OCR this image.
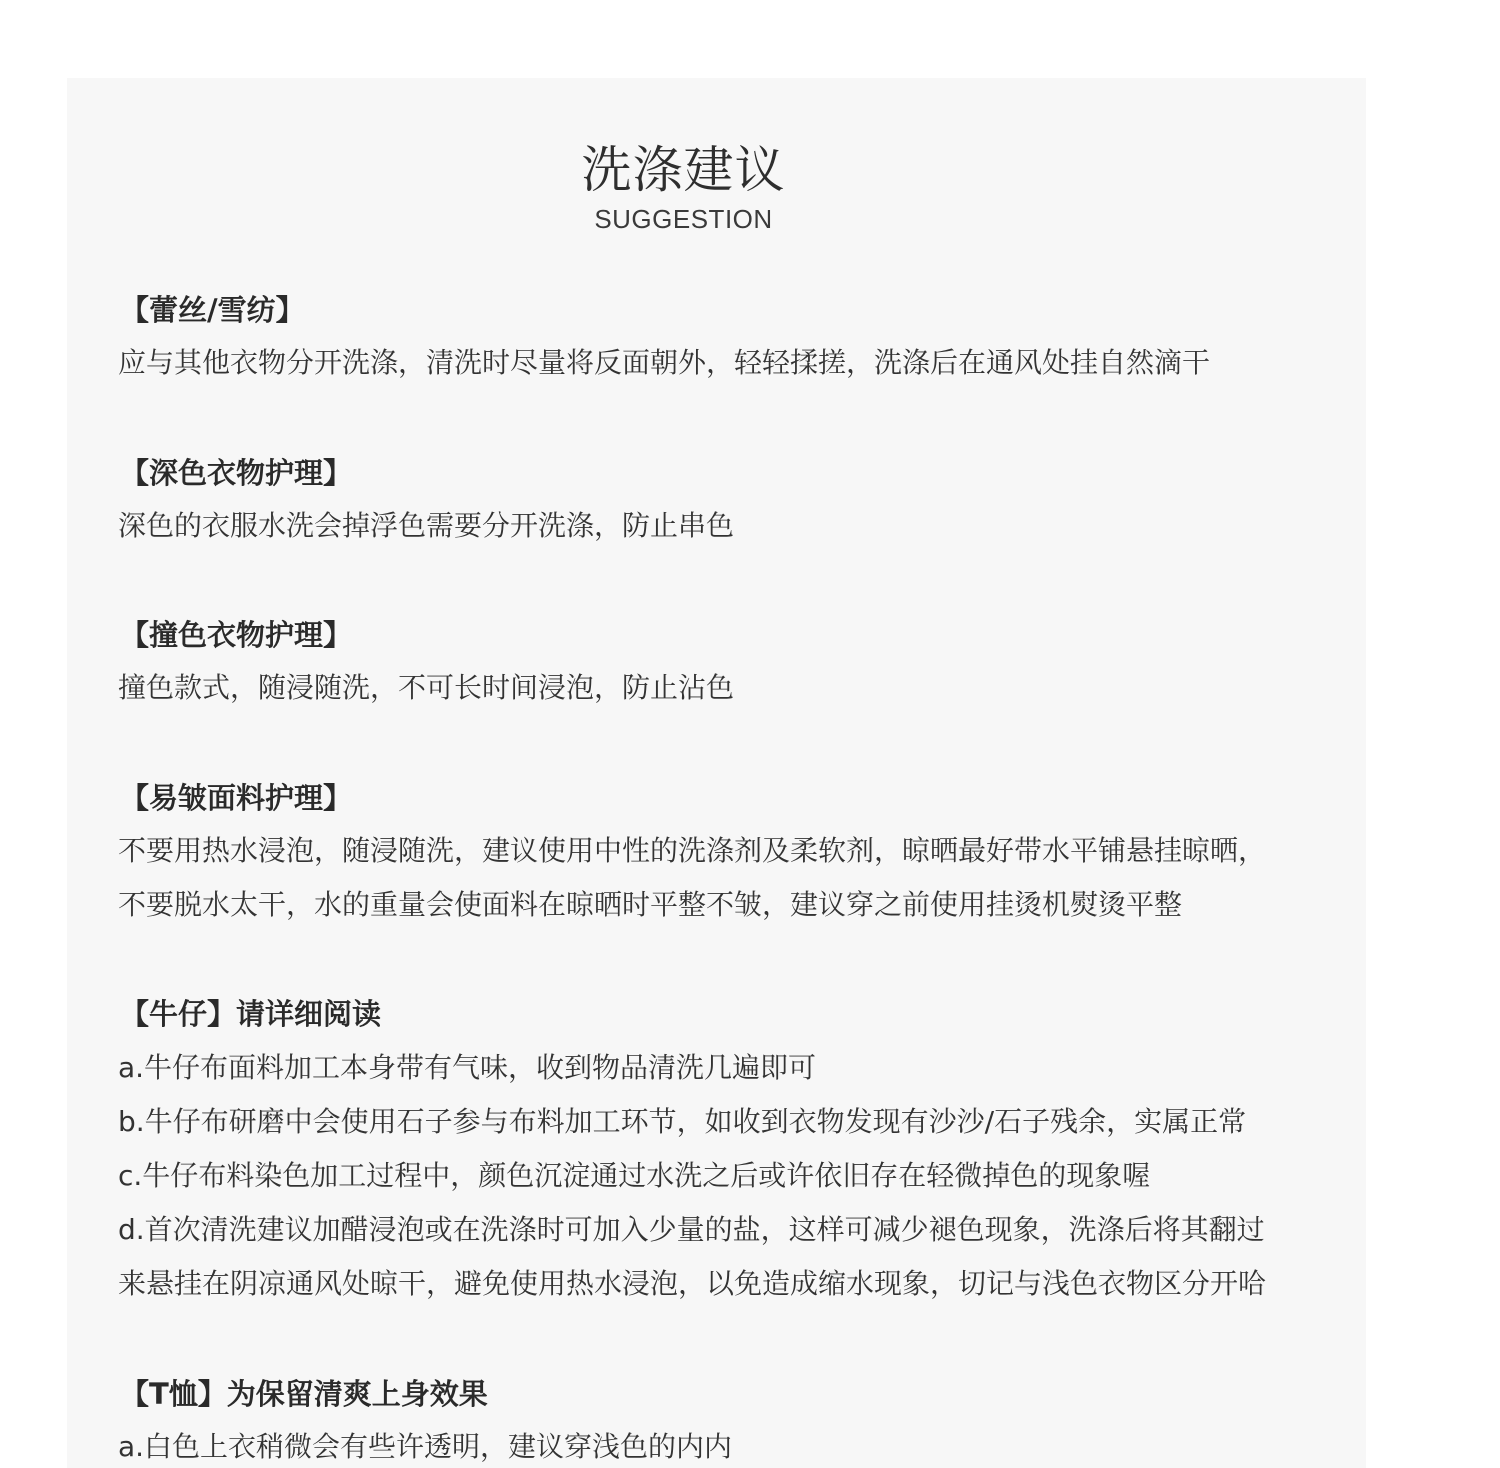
洗涤建议
SUGGESTION
【蕾丝/雪纺】
应与其他衣物分开洗涤，清洗时尽量将反面朝外，轻轻揉搓，洗涤后在通风处挂自然滴干
【深色衣物护理】
深色的衣服水洗会掉浮色需要分开洗涤，防止串色
【撞色衣物护理】
撞色款式，随浸随洗，不可长时间浸泡，防止沾色
【易皱面料护理】
不要用热水浸泡，随浸随洗，建议使用中性的洗涤剂及柔软剂，晾晒最好带水平铺悬挂晾晒，
不要脱水太干，水的重量会使面料在晾晒时平整不皱，建议穿之前使用挂烫机熨烫平整
【牛仔】请详细阅读
a.牛仔布面料加工本身带有气味，收到物品清洗几遍即可
b.牛仔布研磨中会使用石子参与布料加工环节，如收到衣物发现有沙沙/石子残余，实属正常
c.牛仔布料染色加工过程中，颜色沉淀通过水洗之后或许依旧存在轻微掉色的现象喔
d.首次清洗建议加醋浸泡或在洗涤时可加入少量的盐，这样可减少褪色现象，洗涤后将其翻过
来悬挂在阴凉通风处晾干，避免使用热水浸泡，以免造成缩水现象，切记与浅色衣物区分开哈
【T恤】为保留清爽上身效果
a.白色上衣稍微会有些许透明，建议穿浅色的内内
